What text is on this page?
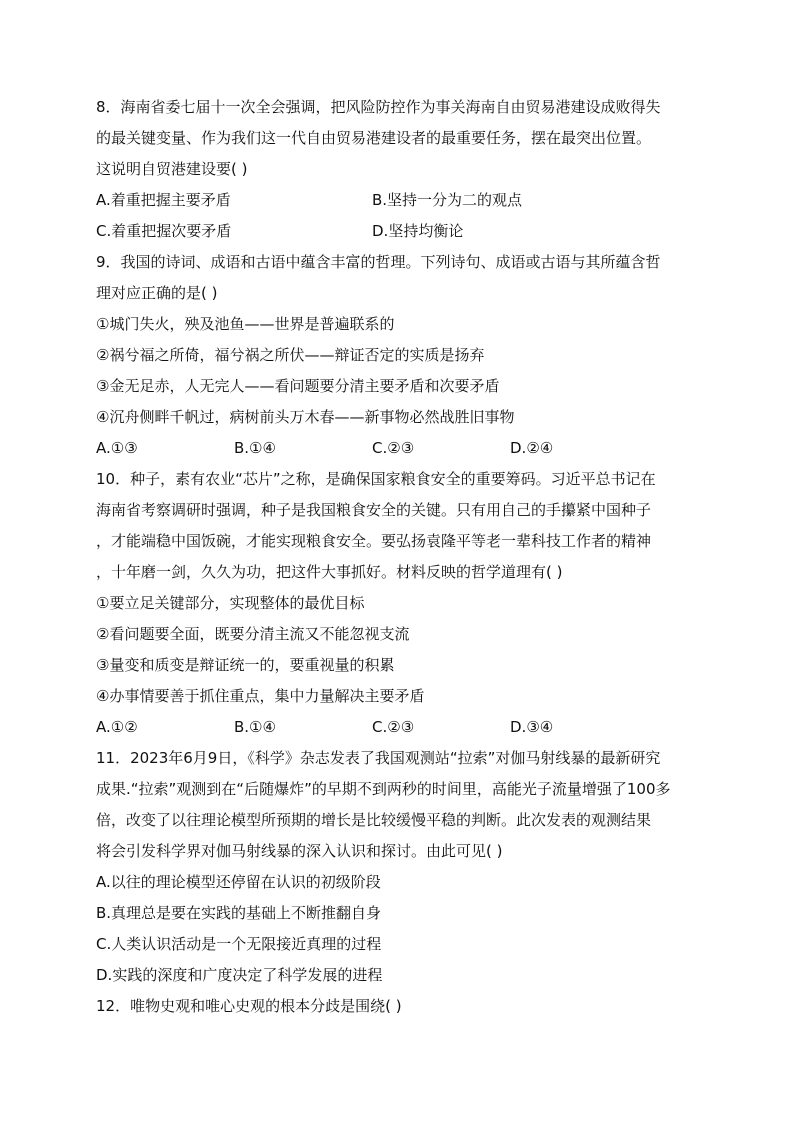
8．海南省委七届十一次全会强调，把风险防控作为事关海南自由贸易港建设成败得失
的最关键变量、作为我们这一代自由贸易港建设者的最重要任务，摆在最突出位置。
这说明自贸港建设要( )
A.着重把握主要矛盾	B.坚持一分为二的观点
C.着重把握次要矛盾	D.坚持均衡论
9．我国的诗词、成语和古语中蕴含丰富的哲理。下列诗句、成语或古语与其所蕴含哲
理对应正确的是( )
①城门失火，殃及池鱼——世界是普遍联系的
②祸兮福之所倚，福兮祸之所伏——辩证否定的实质是扬弃
③金无足赤，人无完人——看问题要分清主要矛盾和次要矛盾
④沉舟侧畔千帆过，病树前头万木春——新事物必然战胜旧事物
A.①③	B.①④	C.②③	D.②④
10．种子，素有农业“芯片”之称，是确保国家粮食安全的重要筹码。习近平总书记在
海南省考察调研时强调，种子是我国粮食安全的关键。只有用自己的手攥紧中国种子
，才能端稳中国饭碗，才能实现粮食安全。要弘扬袁隆平等老一辈科技工作者的精神
，十年磨一剑，久久为功，把这件大事抓好。材料反映的哲学道理有( )
①要立足关键部分，实现整体的最优目标
②看问题要全面，既要分清主流又不能忽视支流
③量变和质变是辩证统一的，要重视量的积累
④办事情要善于抓住重点，集中力量解决主要矛盾
A.①②	B.①④	C.②③	D.③④
11．2023年6月9日，《科学》杂志发表了我国观测站“拉索”对伽马射线暴的最新研究
成果.“拉索”观测到在“后随爆炸”的早期不到两秒的时间里，高能光子流量增强了100多
倍，改变了以往理论模型所预期的增长是比较缓慢平稳的判断。此次发表的观测结果
将会引发科学界对伽马射线暴的深入认识和探讨。由此可见( )
A.以往的理论模型还停留在认识的初级阶段
B.真理总是要在实践的基础上不断推翻自身
C.人类认识活动是一个无限接近真理的过程
D.实践的深度和广度决定了科学发展的进程
12．唯物史观和唯心史观的根本分歧是围绕( )
